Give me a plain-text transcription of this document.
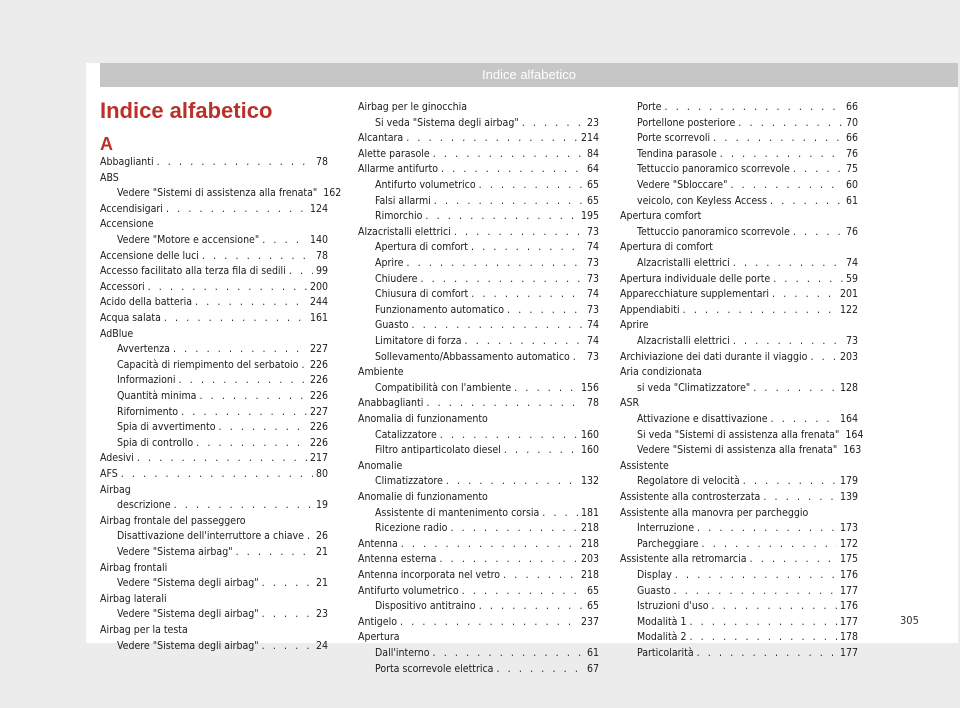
Indice alfabetico
Indice alfabetico
A
Abbaglianti . . .	78
ABS
Vedere "Sistemi di assistenza alla frenata" 162
Accendisigari . . .	124
Accensione
Vedere "Motore e accensione" . . .	140
Accensione delle luci . . .	78
Accesso facilitato alla terza fila di sedili . . .	99
Accessori . . .	200
Acido della batteria . . .	244
Acqua salata . . .	161
AdBlue
Avvertenza . . .	227
Capacità di riempimento del serbatoio . . . 226
Informazioni . . .	226
Quantità minima . . .	226
Rifornimento . . .	227
Spia di avvertimento . . .	226
Spia di controllo . . .	226
Adesivi . . .	217
AFS . . .	80
Airbag
descrizione . . .	19
Airbag frontale del passeggero
Disattivazione dell'interruttore a chiave . . . 26
Vedere "Sistema airbag" . . .	21
Airbag frontali
Vedere "Sistema degli airbag" . . .	21
Airbag laterali
Vedere "Sistema degli airbag" . . .	23
Airbag per la testa
Vedere "Sistema degli airbag" . . .	24
Airbag per le ginocchia
Si veda "Sistema degli airbag" . . .	23
Alcantara . . .	214
Alette parasole . . .	84
Allarme antifurto . . .	64
Antifurto volumetrico . . .	65
Falsi allarmi . . .	65
Rimorchio . . .	195
Alzacristalli elettrici . . .	73
Apertura di comfort . . .	74
Aprire . . .	73
Chiudere . . .	73
Chiusura di comfort . . .	74
Funzionamento automatico . . .	73
Guasto . . .	74
Limitatore di forza . . .	74
Sollevamento/Abbassamento automatico . . . 73
Ambiente
Compatibilità con l'ambiente . . .	156
Anabbaglianti . . .	78
Anomalia di funzionamento
Catalizzatore . . .	160
Filtro antiparticolato diesel . . .	160
Anomalie
Climatizzatore . . .	132
Anomalie di funzionamento
Assistente di mantenimento corsia . . .	181
Ricezione radio . . .	218
Antenna . . .	218
Antenna esterna . . .	203
Antenna incorporata nel vetro . . .	218
Antifurto volumetrico . . .	65
Dispositivo antitraino . . .	65
Antigelo . . .	237
Apertura
Dall'interno . . .	61
Porta scorrevole elettrica . . .	67
Porte . . .	66
Portellone posteriore . . .	70
Porte scorrevoli . . .	66
Tendina parasole . . .	76
Tettuccio panoramico scorrevole . . .	75
Vedere "Sbloccare" . . .	60
veicolo, con Keyless Access . . .	61
Apertura comfort
Tettuccio panoramico scorrevole . . .	76
Apertura di comfort
Alzacristalli elettrici . . .	74
Apertura individuale delle porte . . .	59
Apparecchiature supplementari . . .	201
Appendiabiti . . .	122
Aprire
Alzacristalli elettrici . . .	73
Archiviazione dei dati durante il viaggio . . .	203
Aria condizionata
si veda "Climatizzatore" . . .	128
ASR
Attivazione e disattivazione . . .	164
Si veda "Sistemi di assistenza alla frenata" 164
Vedere "Sistemi di assistenza alla frenata" 163
Assistente
Regolatore di velocità . . .	179
Assistente alla controsterzata . . .	139
Assistente alla manovra per parcheggio
Interruzione . . .	173
Parcheggiare . . .	172
Assistente alla retromarcia . . .	175
Display . . .	176
Guasto . . .	177
Istruzioni d'uso . . .	176
Modalità 1 . . .	177
Modalità 2 . . .	178
Particolarità . . .	177
305
